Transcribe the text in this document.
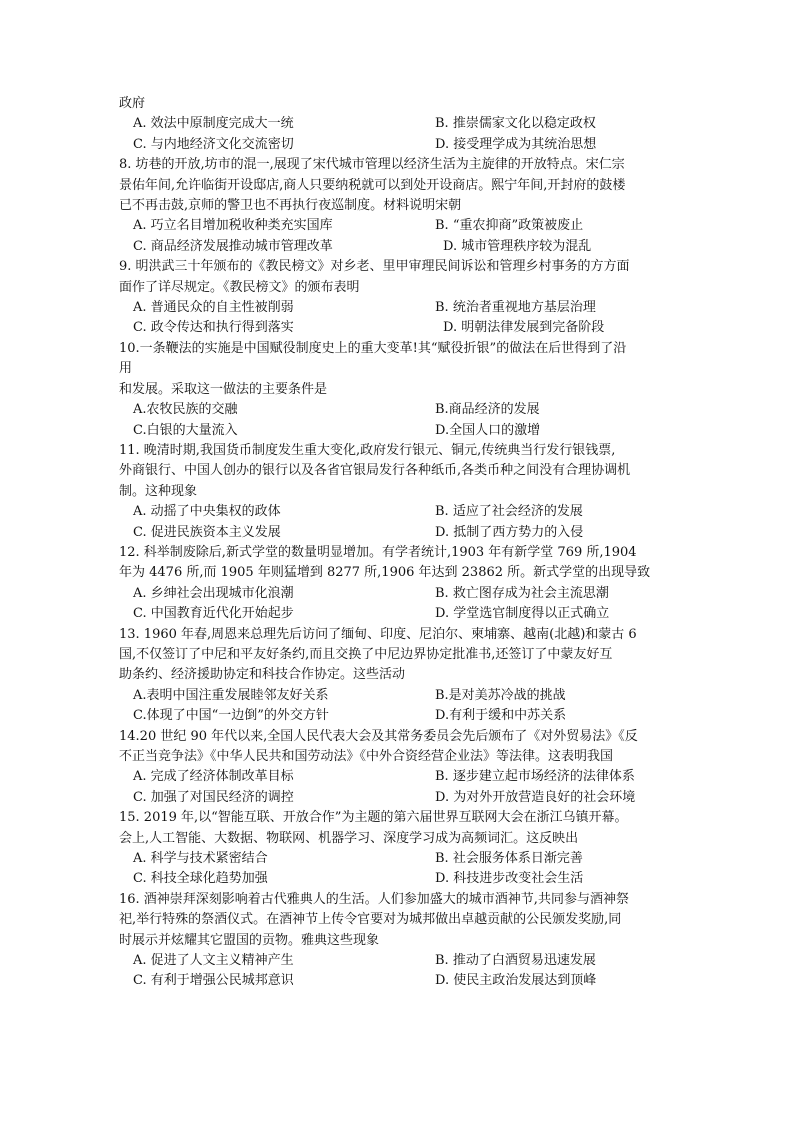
政府
A. 效法中原制度完成大一统	B. 推崇儒家文化以稳定政权
C. 与内地经济文化交流密切	D. 接受理学成为其统治思想
8. 坊巷的开放,坊市的混一,展现了宋代城市管理以经济生活为主旋律的开放特点。宋仁宗
景佑年间,允许临街开设邸店,商人只要纳税就可以到处开设商店。熙宁年间,开封府的鼓楼
已不再击鼓,京师的警卫也不再执行夜巡制度。材料说明宋朝
A. 巧立名目增加税收种类充实国库	B. “重农抑商”政策被废止
C. 商品经济发展推动城市管理改革	D. 城市管理秩序较为混乱
9. 明洪武三十年颁布的《教民榜文》对乡老、里甲审理民间诉讼和管理乡村事务的方方面
面作了详尽规定。《教民榜文》的颁布表明
A. 普通民众的自主性被削弱	B. 统治者重视地方基层治理
C. 政令传达和执行得到落实	D. 明朝法律发展到完备阶段
10.一条鞭法的实施是中国赋役制度史上的重大变革!其“赋役折银”的做法在后世得到了沿
用
和发展。采取这一做法的主要条件是
A.农牧民族的交融	B.商品经济的发展
C.白银的大量流入	D.全国人口的激增
11. 晚清时期,我国货币制度发生重大变化,政府发行银元、铜元,传统典当行发行银钱票,
外商银行、中国人创办的银行以及各省官银局发行各种纸币,各类币种之间没有合理协调机
制。这种现象
A. 动摇了中央集权的政体	B. 适应了社会经济的发展
C. 促进民族资本主义发展	D. 抵制了西方势力的入侵
12. 科举制废除后,新式学堂的数量明显增加。有学者统计,1903 年有新学堂 769 所,1904
年为 4476 所,而 1905 年则猛增到 8277 所,1906 年达到 23862 所。新式学堂的出现导致
A. 乡绅社会出现城市化浪潮	B. 救亡图存成为社会主流思潮
C. 中国教育近代化开始起步	D. 学堂选官制度得以正式确立
13. 1960 年春,周恩来总理先后访问了缅甸、印度、尼泊尔、柬埔寨、越南(北越)和蒙古 6
国,不仅签订了中尼和平友好条约,而且交换了中尼边界协定批准书,还签订了中蒙友好互
助条约、经济援助协定和科技合作协定。这些活动
A.表明中国注重发展睦邻友好关系	B.是对美苏冷战的挑战
C.体现了中国“一边倒”的外交方针	D.有利于缓和中苏关系
14.20 世纪 90 年代以来,全国人民代表大会及其常务委员会先后颁布了《对外贸易法》《反
不正当竞争法》《中华人民共和国劳动法》《中外合资经营企业法》等法律。这表明我国
A. 完成了经济体制改革目标	B. 逐步建立起市场经济的法律体系
C. 加强了对国民经济的调控	D. 为对外开放营造良好的社会环境
15. 2019 年,以“智能互联、开放合作”为主题的第六届世界互联网大会在浙江乌镇开幕。
会上,人工智能、大数据、物联网、机器学习、深度学习成为高频词汇。这反映出
A. 科学与技术紧密结合	B. 社会服务体系日渐完善
C. 科技全球化趋势加强	D. 科技进步改变社会生活
16. 酒神崇拜深刻影响着古代雅典人的生活。人们参加盛大的城市酒神节,共同参与酒神祭
祀,举行特殊的祭酒仪式。在酒神节上传令官要对为城邦做出卓越贡献的公民颁发奖励,同
时展示并炫耀其它盟国的贡物。雅典这些现象
A. 促进了人文主义精神产生	B. 推动了白酒贸易迅速发展
C. 有利于增强公民城邦意识	D. 使民主政治发展达到顶峰
